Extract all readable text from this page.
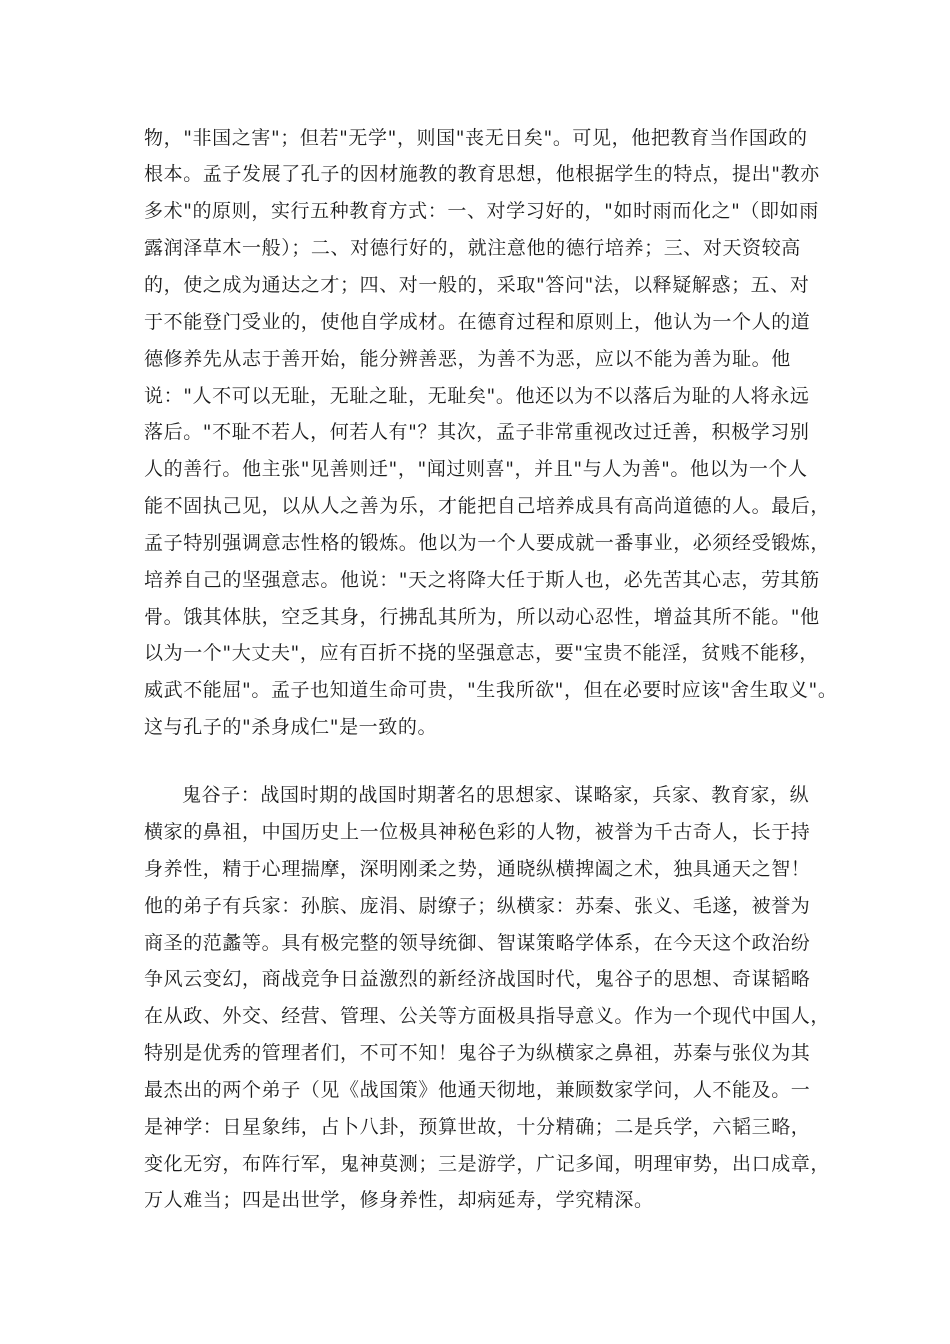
物，"非国之害"；但若"无学"，则国"丧无日矣"。可见，他把教育当作国政的
根本。孟子发展了孔子的因材施教的教育思想，他根据学生的特点，提出"教亦
多术"的原则，实行五种教育方式：一、对学习好的，"如时雨而化之"（即如雨
露润泽草木一般）；二、对德行好的，就注意他的德行培养；三、对天资较高
的，使之成为通达之才；四、对一般的，采取"答问"法，以释疑解惑；五、对
于不能登门受业的，使他自学成材。在德育过程和原则上，他认为一个人的道
德修养先从志于善开始，能分辨善恶，为善不为恶，应以不能为善为耻。他
说："人不可以无耻，无耻之耻，无耻矣"。他还以为不以落后为耻的人将永远
落后。"不耻不若人，何若人有"？其次，孟子非常重视改过迁善，积极学习别
人的善行。他主张"见善则迁"，"闻过则喜"，并且"与人为善"。他以为一个人
能不固执己见，以从人之善为乐，才能把自己培养成具有高尚道德的人。最后，
孟子特别强调意志性格的锻炼。他以为一个人要成就一番事业，必须经受锻炼，
培养自己的坚强意志。他说："天之将降大任于斯人也，必先苦其心志，劳其筋
骨。饿其体肤，空乏其身，行拂乱其所为，所以动心忍性，增益其所不能。"他
以为一个"大丈夫"，应有百折不挠的坚强意志，要"宝贵不能淫，贫贱不能移，
威武不能屈"。孟子也知道生命可贵，"生我所欲"，但在必要时应该"舍生取义"。
这与孔子的"杀身成仁"是一致的。
鬼谷子：战国时期的战国时期著名的思想家、谋略家，兵家、教育家，纵
横家的鼻祖，中国历史上一位极具神秘色彩的人物，被誉为千古奇人，长于持
身养性，精于心理揣摩，深明刚柔之势，通晓纵横捭阖之术，独具通天之智！
他的弟子有兵家：孙膑、庞涓、尉缭子；纵横家：苏秦、张义、毛遂，被誉为
商圣的范蠡等。具有极完整的领导统御、智谋策略学体系，在今天这个政治纷
争风云变幻，商战竞争日益激烈的新经济战国时代，鬼谷子的思想、奇谋韬略
在从政、外交、经营、管理、公关等方面极具指导意义。作为一个现代中国人，
特别是优秀的管理者们，不可不知！鬼谷子为纵横家之鼻祖，苏秦与张仪为其
最杰出的两个弟子（见《战国策》他通天彻地，兼顾数家学问，人不能及。一
是神学：日星象纬，占卜八卦，预算世故，十分精确；二是兵学，六韬三略，
变化无穷，布阵行军，鬼神莫测；三是游学，广记多闻，明理审势，出口成章，
万人难当；四是出世学，修身养性，却病延寿，学究精深。
